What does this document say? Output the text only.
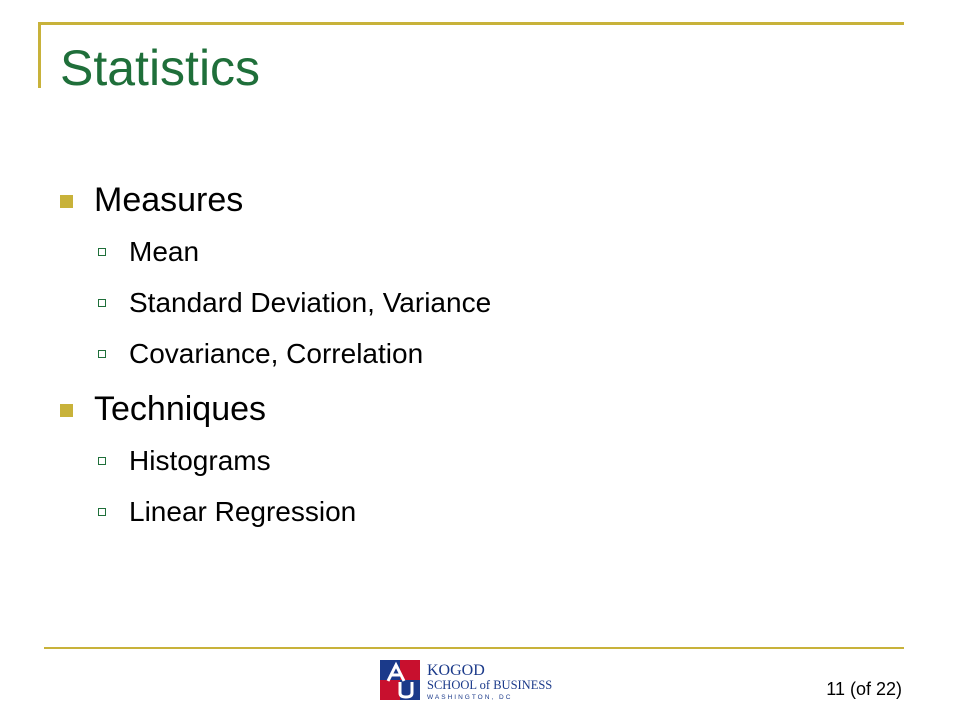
Statistics
Measures
Mean
Standard Deviation, Variance
Covariance, Correlation
Techniques
Histograms
Linear Regression
KOGOD
SCHOOL of BUSINESS
WASHINGTON, DC	11 (of 22)
